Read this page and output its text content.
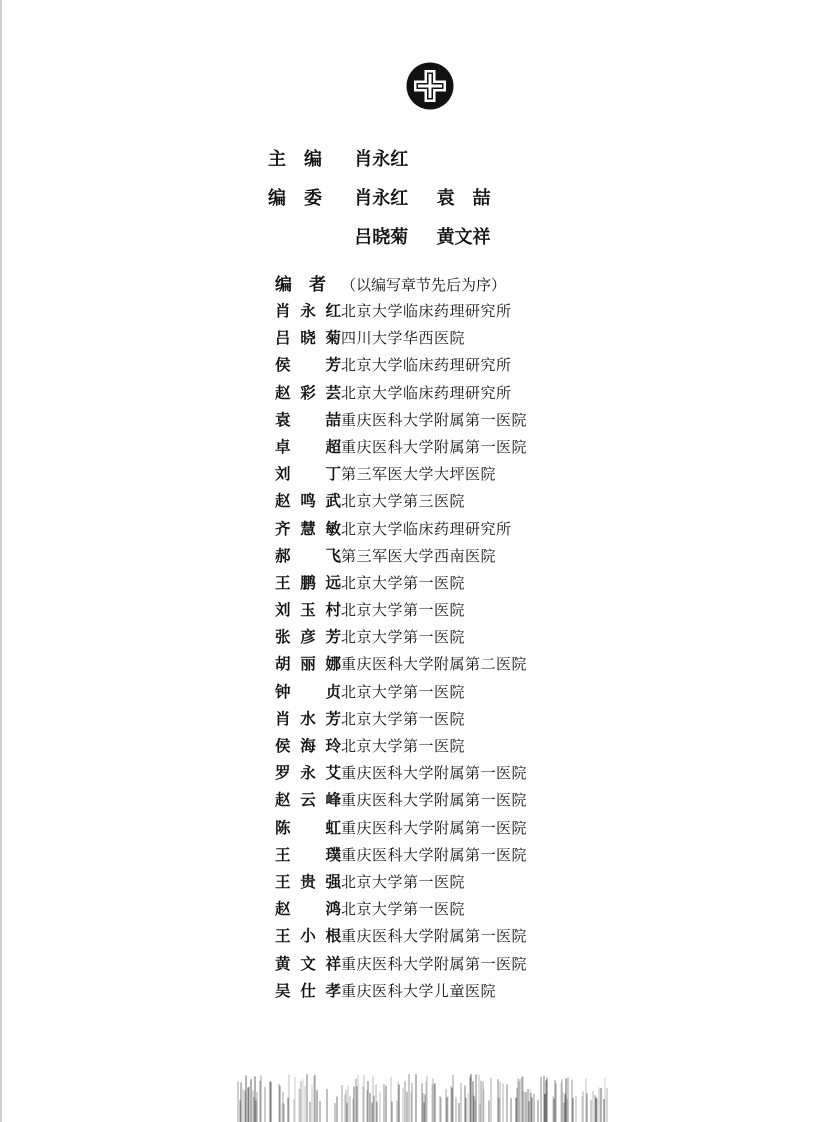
主　编 肖永红
编　委 肖永红 袁　喆
吕晓菊 黄文祥
编　者 （以编写章节先后为序）
肖永红北京大学临床药理研究所
吕晓菊四川大学华西医院
侯　芳北京大学临床药理研究所
赵彩芸北京大学临床药理研究所
袁　喆重庆医科大学附属第一医院
卓　超重庆医科大学附属第一医院
刘　丁第三军医大学大坪医院
赵鸣武北京大学第三医院
齐慧敏北京大学临床药理研究所
郝　飞第三军医大学西南医院
王鹏远北京大学第一医院
刘玉村北京大学第一医院
张彦芳北京大学第一医院
胡丽娜重庆医科大学附属第二医院
钟　贞北京大学第一医院
肖水芳北京大学第一医院
侯海玲北京大学第一医院
罗永艾重庆医科大学附属第一医院
赵云峰重庆医科大学附属第一医院
陈　虹重庆医科大学附属第一医院
王　璞重庆医科大学附属第一医院
王贵强北京大学第一医院
赵　鸿北京大学第一医院
王小根重庆医科大学附属第一医院
黄文祥重庆医科大学附属第一医院
吴仕孝重庆医科大学儿童医院
